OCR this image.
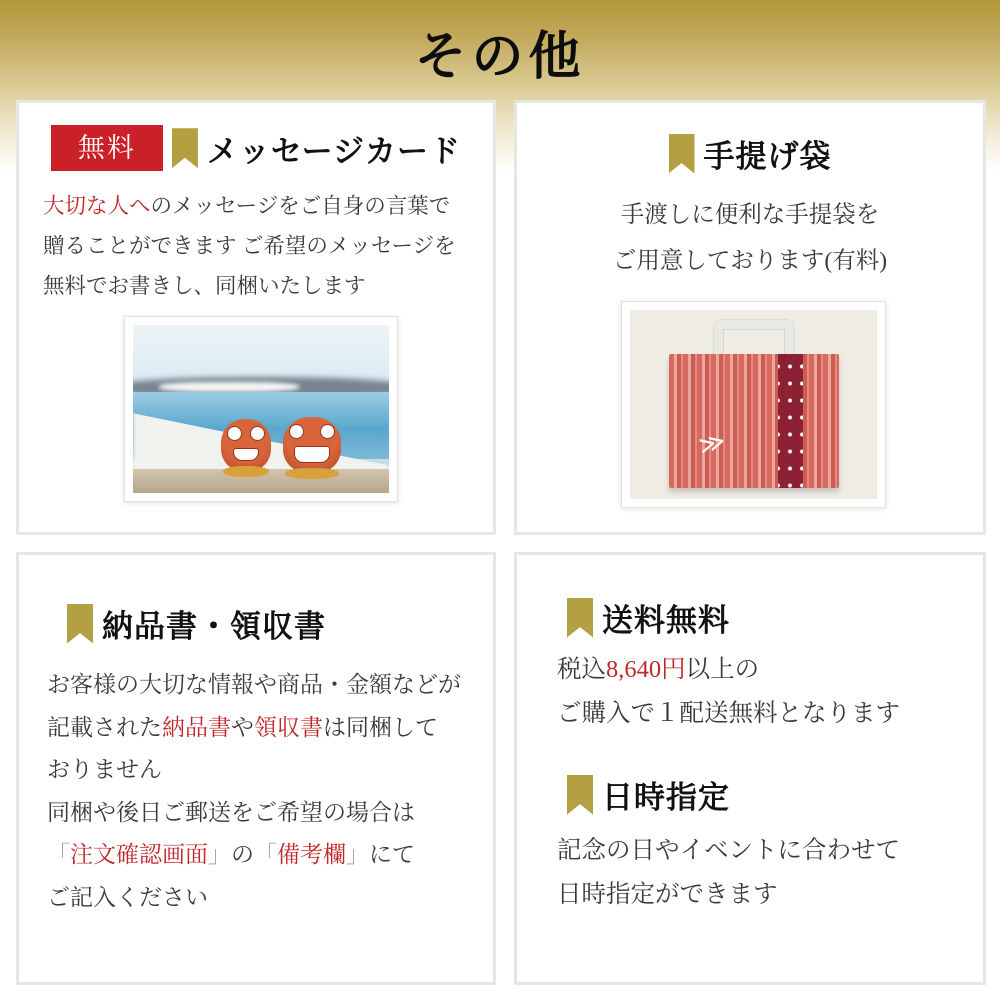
その他
無料	メッセージカード

大切な人へのメッセージをご自身の言葉で
贈ることができます ご希望のメッセージを
無料でお書きし、同梱いたします

手提げ袋

手渡しに便利な手提袋を
ご用意しております(有料)

≫
納品書・領収書

お客様の大切な情報や商品・金額などが
記載された納品書や領収書は同梱して
おりません
同梱や後日ご郵送をご希望の場合は
「注文確認画面」の「備考欄」にて
ご記入ください

送料無料

税込8,640円以上の
ご購入で１配送無料となります

日時指定

記念の日やイベントに合わせて
日時指定ができます
